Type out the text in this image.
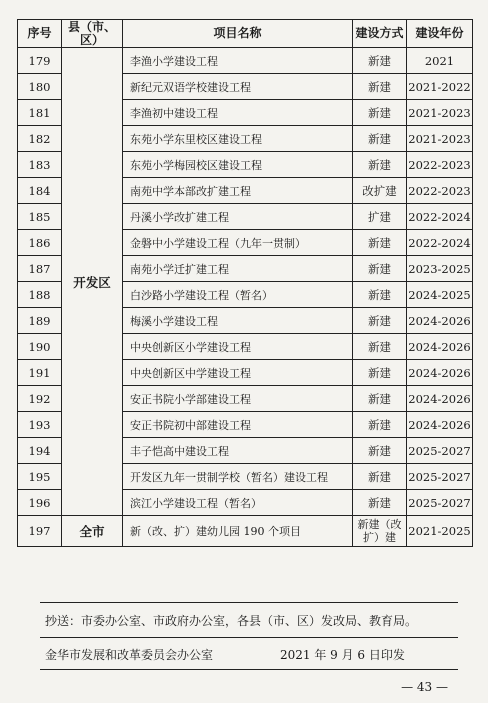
序号	县（市、区）	项目名称	建设方式	建设年份
179	开发区	李渔小学建设工程	新建	2021
180		新纪元双语学校建设工程	新建	2021-2022
181		李渔初中建设工程	新建	2021-2023
182		东苑小学东里校区建设工程	新建	2021-2023
183		东苑小学梅园校区建设工程	新建	2022-2023
184		南苑中学本部改扩建工程	改扩建	2022-2023
185		丹溪小学改扩建工程	扩建	2022-2024
186		金磐中小学建设工程（九年一贯制）	新建	2022-2024
187		南苑小学迁扩建工程	新建	2023-2025
188		白沙路小学建设工程（暂名）	新建	2024-2025
189		梅溪小学建设工程	新建	2024-2026
190		中央创新区小学建设工程	新建	2024-2026
191		中央创新区中学建设工程	新建	2024-2026
192		安正书院小学部建设工程	新建	2024-2026
193		安正书院初中部建设工程	新建	2024-2026
194		丰子恺高中建设工程	新建	2025-2027
195		开发区九年一贯制学校（暂名）建设工程	新建	2025-2027
196		滨江小学建设工程（暂名）	新建	2025-2027
197	全市	新（改、扩）建幼儿园 190 个项目	新建（改扩）建	2021-2025
抄送：市委办公室、市政府办公室，各县（市、区）发改局、教育局。
金华市发展和改革委员会办公室	2021 年 9 月 6 日印发
— 43 —
